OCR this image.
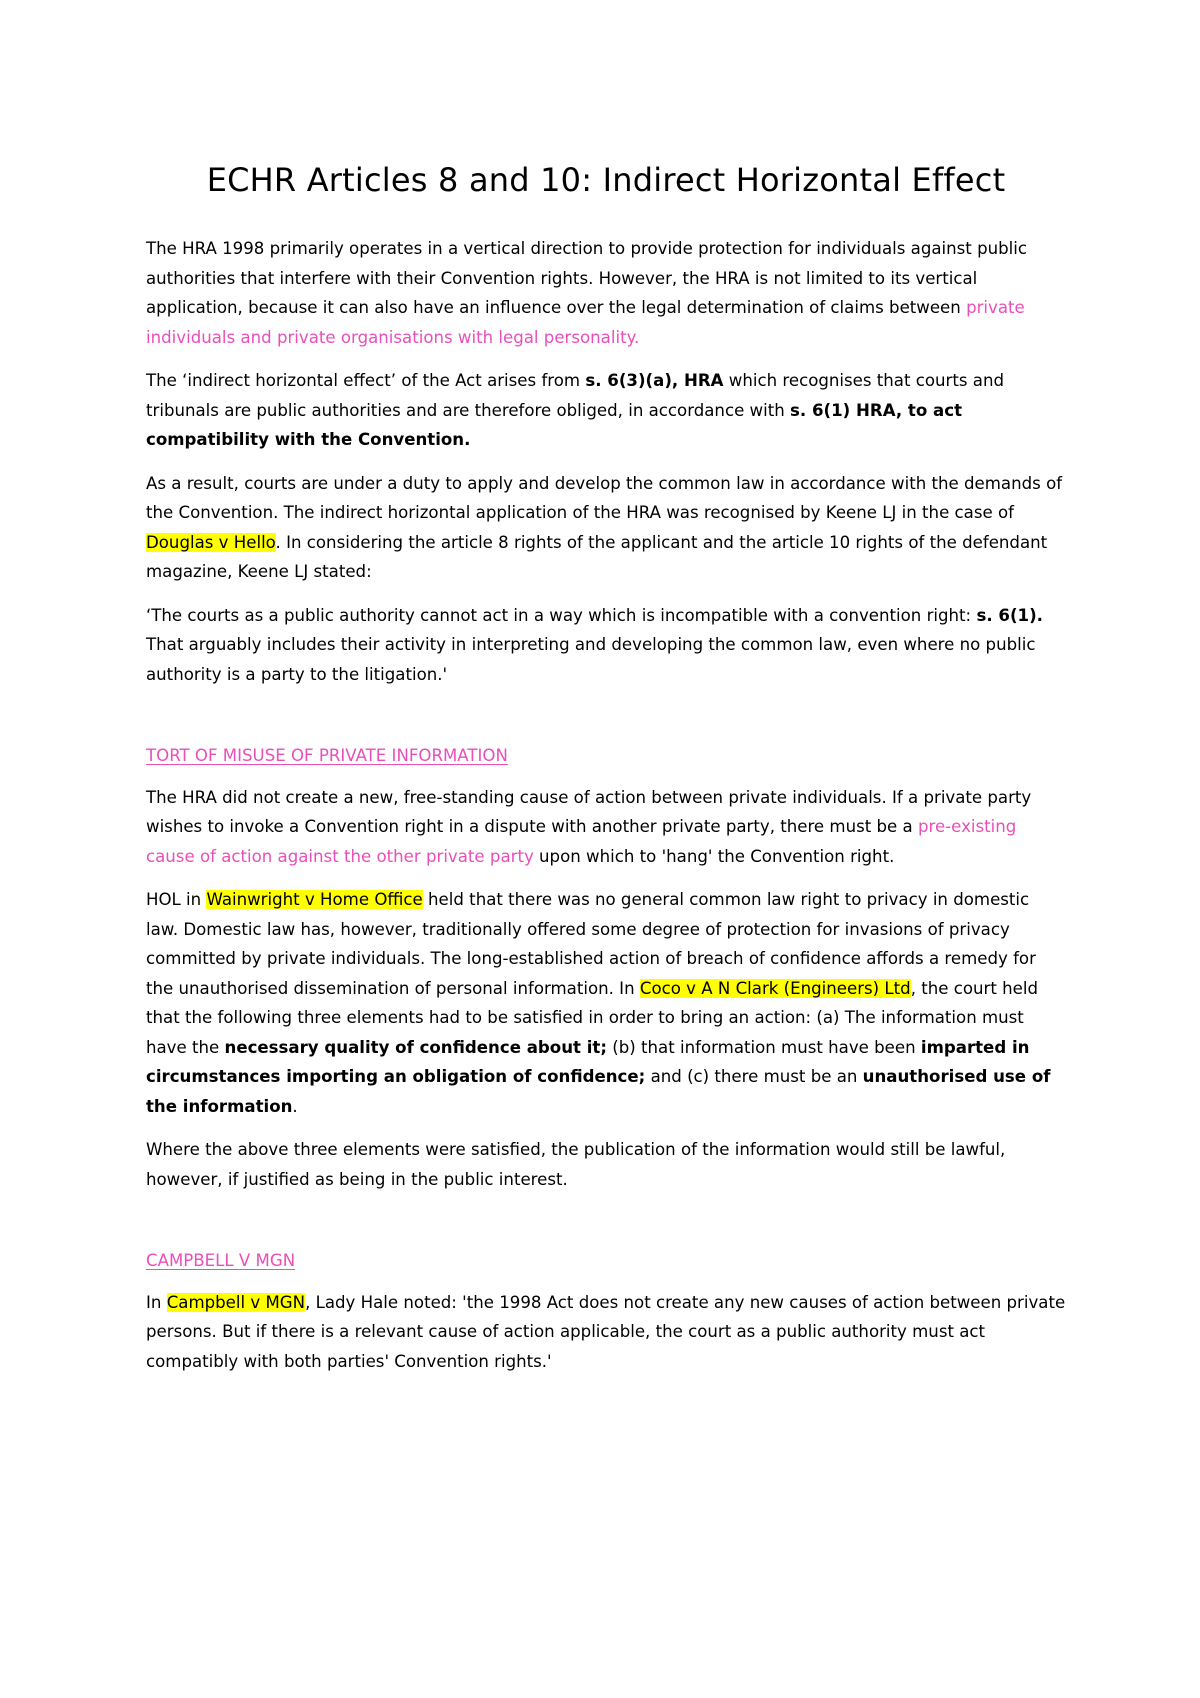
ECHR Articles 8 and 10: Indirect Horizontal Effect

The HRA 1998 primarily operates in a vertical direction to provide protection for individuals against public authorities that interfere with their Convention rights. However, the HRA is not limited to its vertical application, because it can also have an influence over the legal determination of claims between private individuals and private organisations with legal personality.

The ‘indirect horizontal effect’ of the Act arises from s. 6(3)(a), HRA which recognises that courts and tribunals are public authorities and are therefore obliged, in accordance with s. 6(1) HRA, to act compatibility with the Convention.

As a result, courts are under a duty to apply and develop the common law in accordance with the demands of the Convention. The indirect horizontal application of the HRA was recognised by Keene LJ in the case of Douglas v Hello. In considering the article 8 rights of the applicant and the article 10 rights of the defendant magazine, Keene LJ stated:

‘The courts as a public authority cannot act in a way which is incompatible with a convention right: s. 6(1). That arguably includes their activity in interpreting and developing the common law, even where no public authority is a party to the litigation.'

TORT OF MISUSE OF PRIVATE INFORMATION

The HRA did not create a new, free-standing cause of action between private individuals. If a private party wishes to invoke a Convention right in a dispute with another private party, there must be a pre-existing cause of action against the other private party upon which to 'hang' the Convention right.

HOL in Wainwright v Home Office held that there was no general common law right to privacy in domestic law. Domestic law has, however, traditionally offered some degree of protection for invasions of privacy committed by private individuals. The long-established action of breach of confidence affords a remedy for the unauthorised dissemination of personal information. In Coco v A N Clark (Engineers) Ltd, the court held that the following three elements had to be satisfied in order to bring an action: (a) The information must have the necessary quality of confidence about it; (b) that information must have been imparted in circumstances importing an obligation of confidence; and (c) there must be an unauthorised use of the information.

Where the above three elements were satisfied, the publication of the information would still be lawful, however, if justified as being in the public interest.

CAMPBELL V MGN

In Campbell v MGN, Lady Hale noted: 'the 1998 Act does not create any new causes of action between private persons. But if there is a relevant cause of action applicable, the court as a public authority must act compatibly with both parties' Convention rights.'
